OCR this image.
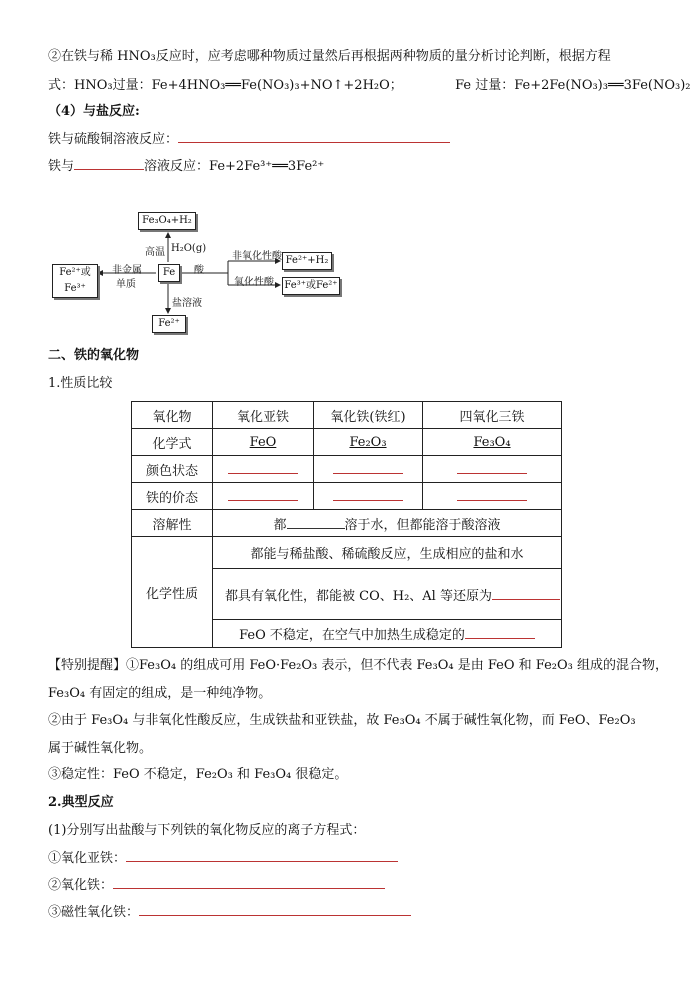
②在铁与稀 HNO₃反应时，应考虑哪种物质过量然后再根据两种物质的量分析讨论判断，根据方程
式：HNO₃过量：Fe+4HNO₃══Fe(NO₃)₃+NO↑+2H₂O；	Fe 过量：Fe+2Fe(NO₃)₃══3Fe(NO₃)₂
（4）与盐反应:
铁与硫酸铜溶液反应：
铁与	溶液反应：Fe+2Fe³⁺══3Fe²⁺
Fe₃O₄+H₂
Fe²⁺或Fe³⁺
Fe
Fe²⁺+H₂
Fe³⁺或Fe²⁺
Fe²⁺
高温 H₂O(g)
非金属
单质
酸
非氧化性酸
氧化性酸
盐溶液
二、铁的氧化物
1.性质比较
氧化物	氧化亚铁	氧化铁(铁红)	四氧化三铁
化学式	FeO	Fe₂O₃	Fe₃O₄
颜色状态			
铁的价态			
溶解性	都 溶于水，但都能溶于酸溶液		
化学性质	都能与稀盐酸、稀硫酸反应，生成相应的盐和水		
	都具有氧化性，都能被 CO、H₂、Al 等还原为		
	FeO 不稳定，在空气中加热生成稳定的		
【特别提醒】①Fe₃O₄ 的组成可用 FeO·Fe₂O₃ 表示，但不代表 Fe₃O₄ 是由 FeO 和 Fe₂O₃ 组成的混合物，
Fe₃O₄ 有固定的组成，是一种纯净物。
②由于 Fe₃O₄ 与非氧化性酸反应，生成铁盐和亚铁盐，故 Fe₃O₄ 不属于碱性氧化物，而 FeO、Fe₂O₃
属于碱性氧化物。
③稳定性：FeO 不稳定，Fe₂O₃ 和 Fe₃O₄ 很稳定。
2.典型反应
(1)分别写出盐酸与下列铁的氧化物反应的离子方程式：
①氧化亚铁：
②氧化铁：
③磁性氧化铁：
